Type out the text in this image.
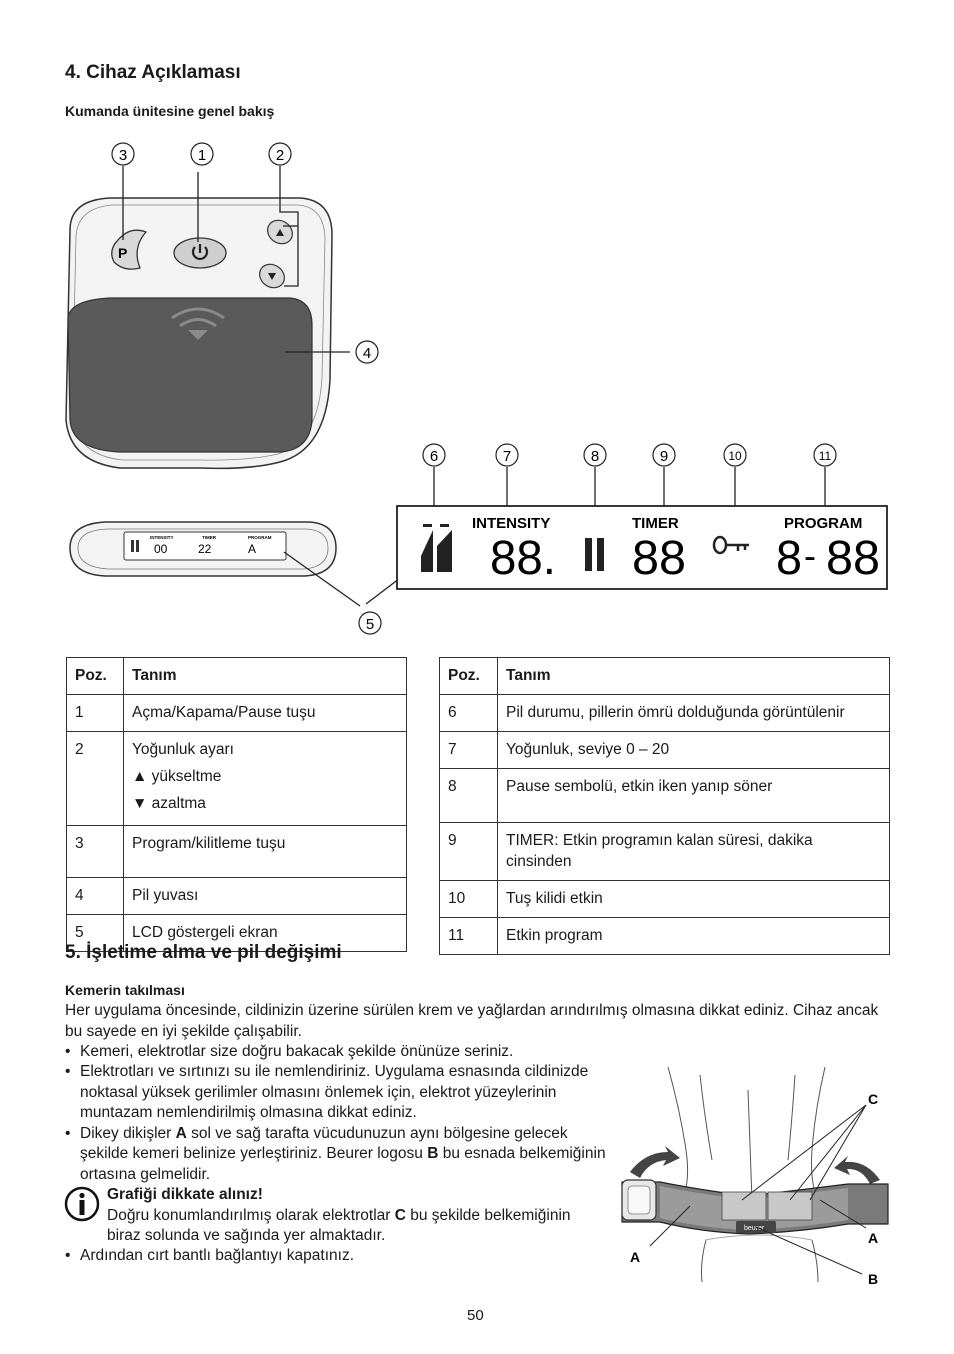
4. Cihaz Açıklaması
Kumanda ünitesine genel bakış
3	1	2
P
4
INTENSITY	TIMER	PROGRAM
00	22	A
5
6	7	8	9	10	11
INTENSITY	TIMER	PROGRAM
88. 88 8 - 88
Poz.	Tanım
1	Açma/Kapama/Pause tuşu
2	Yoğunluk ayarı
▲ yükseltme
▼ azaltma

3	Program/kilitleme tuşu
4	Pil yuvası
5	LCD göstergeli ekran
Poz.	Tanım
6	Pil durumu, pillerin ömrü dolduğunda görüntülenir
7	Yoğunluk, seviye 0 – 20
8	Pause sembolü, etkin iken yanıp söner
9	TIMER: Etkin programın kalan süresi, dakika cinsinden
10	Tuş kilidi etkin
11	Etkin program
5. İşletime alma ve pil değişimi
Kemerin takılması
Her uygulama öncesinde, cildinizin üzerine sürülen krem ve yağlardan arındırılmış olmasına dikkat ediniz. Cihaz ancak bu sayede en iyi şekilde çalışabilir.
• Kemeri, elektrotlar size doğru bakacak şekilde önünüze seriniz.
• Elektrotları ve sırtınızı su ile nemlendiriniz. Uygulama esnasında cildinizde noktasal yüksek gerilimler olmasını önlemek için, elektrot yüzeylerinin muntazam nemlendirilmiş olmasına dikkat ediniz.
• Dikey dikişler A sol ve sağ tarafta vücudunuzun aynı bölgesine gelecek şekilde kemeri belinize yerleştiriniz. Beurer logosu B bu esnada belkemiğinin ortasına gelmelidir.
Grafiği dikkate alınız!
Doğru konumlandırılmış olarak elektrotlar C bu şekilde belkemiğinin biraz solunda ve sağında yer almaktadır.
• Ardından cırt bantlı bağlantıyı kapatınız.
beurer
C
A
A
B
50
